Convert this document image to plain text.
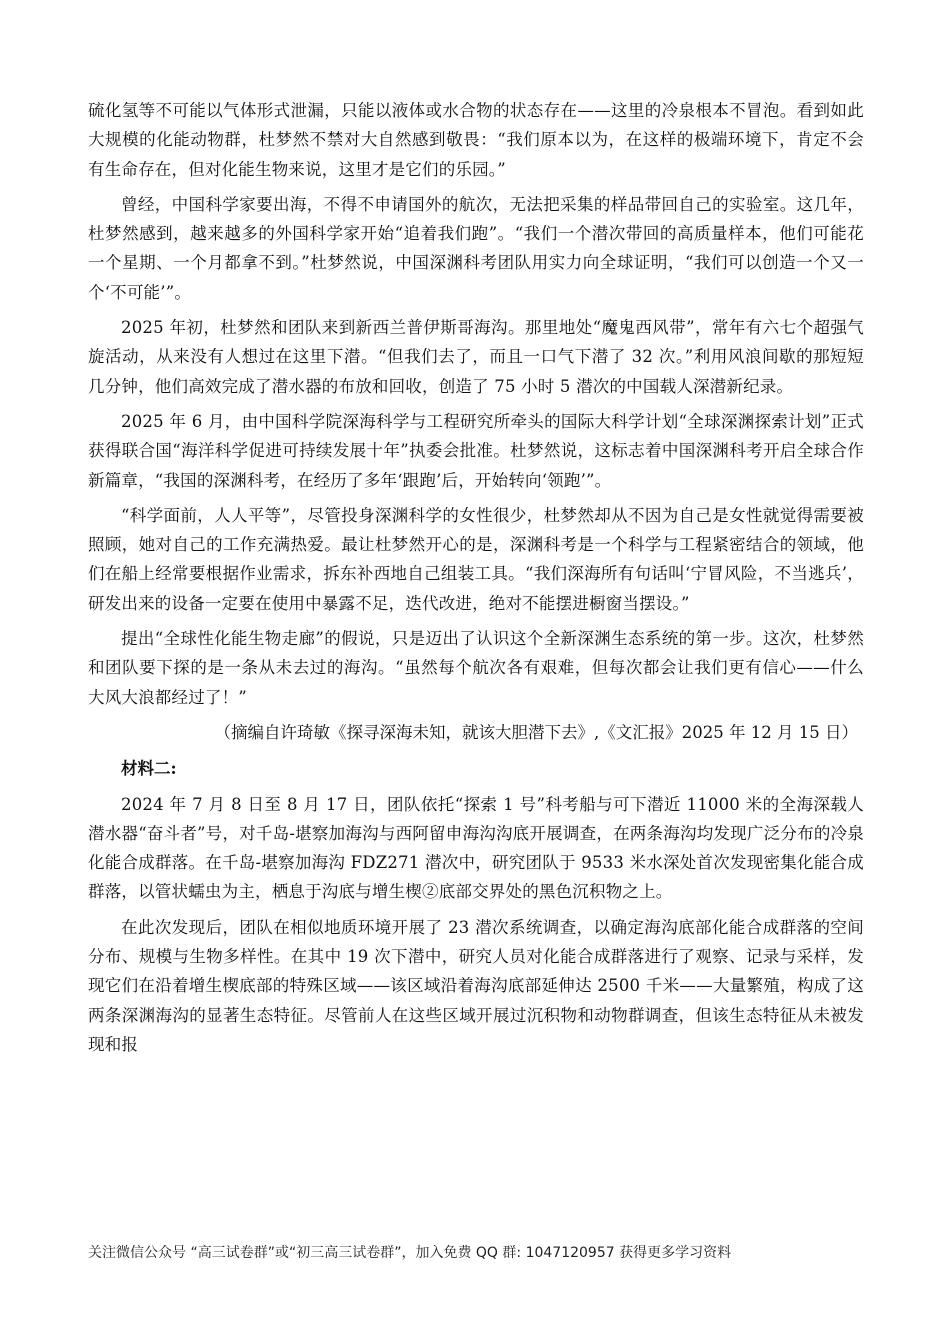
硫化氢等不可能以气体形式泄漏，只能以液体或水合物的状态存在——这里的冷泉根本不冒泡。看到如此大规模的化能动物群，杜梦然不禁对大自然感到敬畏：“我们原本以为，在这样的极端环境下，肯定不会有生命存在，但对化能生物来说，这里才是它们的乐园。”

曾经，中国科学家要出海，不得不申请国外的航次，无法把采集的样品带回自己的实验室。这几年，杜梦然感到，越来越多的外国科学家开始“追着我们跑”。“我们一个潜次带回的高质量样本，他们可能花一个星期、一个月都拿不到。”杜梦然说，中国深渊科考团队用实力向全球证明，“我们可以创造一个又一个‘不可能’”。

2025 年初，杜梦然和团队来到新西兰普伊斯哥海沟。那里地处“魔鬼西风带”，常年有六七个超强气旋活动，从来没有人想过在这里下潜。“但我们去了，而且一口气下潜了 32 次。”利用风浪间歇的那短短几分钟，他们高效完成了潜水器的布放和回收，创造了 75 小时 5 潜次的中国载人深潜新纪录。

2025 年 6 月，由中国科学院深海科学与工程研究所牵头的国际大科学计划“全球深渊探索计划”正式获得联合国“海洋科学促进可持续发展十年”执委会批准。杜梦然说，这标志着中国深渊科考开启全球合作新篇章，“我国的深渊科考，在经历了多年‘跟跑’后，开始转向‘领跑’”。

“科学面前，人人平等”，尽管投身深渊科学的女性很少，杜梦然却从不因为自己是女性就觉得需要被照顾，她对自己的工作充满热爱。最让杜梦然开心的是，深渊科考是一个科学与工程紧密结合的领域，他们在船上经常要根据作业需求，拆东补西地自己组装工具。“我们深海所有句话叫‘宁冒风险，不当逃兵’，研发出来的设备一定要在使用中暴露不足，迭代改进，绝对不能摆进橱窗当摆设。”

提出“全球性化能生物走廊”的假说，只是迈出了认识这个全新深渊生态系统的第一步。这次，杜梦然和团队要下探的是一条从未去过的海沟。“虽然每个航次各有艰难，但每次都会让我们更有信心——什么大风大浪都经过了！”

（摘编自许琦敏《探寻深海未知，就该大胆潜下去》,《文汇报》2025 年 12 月 15 日）
材料二:

2024 年 7 月 8 日至 8 月 17 日，团队依托“探索 1 号”科考船与可下潜近 11000 米的全海深载人潜水器“奋斗者”号，对千岛-堪察加海沟与西阿留申海沟沟底开展调查，在两条海沟均发现广泛分布的冷泉化能合成群落。在千岛-堪察加海沟 FDZ271 潜次中，研究团队于 9533 米水深处首次发现密集化能合成群落，以管状蠕虫为主，栖息于沟底与增生楔②底部交界处的黑色沉积物之上。

在此次发现后，团队在相似地质环境开展了 23 潜次系统调查，以确定海沟底部化能合成群落的空间分布、规模与生物多样性。在其中 19 次下潜中，研究人员对化能合成群落进行了观察、记录与采样，发现它们在沿着增生楔底部的特殊区域——该区域沿着海沟底部延伸达 2500 千米——大量繁殖，构成了这两条深渊海沟的显著生态特征。尽管前人在这些区域开展过沉积物和动物群调查，但该生态特征从未被发现和报

关注微信公众号 “高三试卷群”或“初三高三试卷群”，加入免费 QQ 群: 1047120957 获得更多学习资料
